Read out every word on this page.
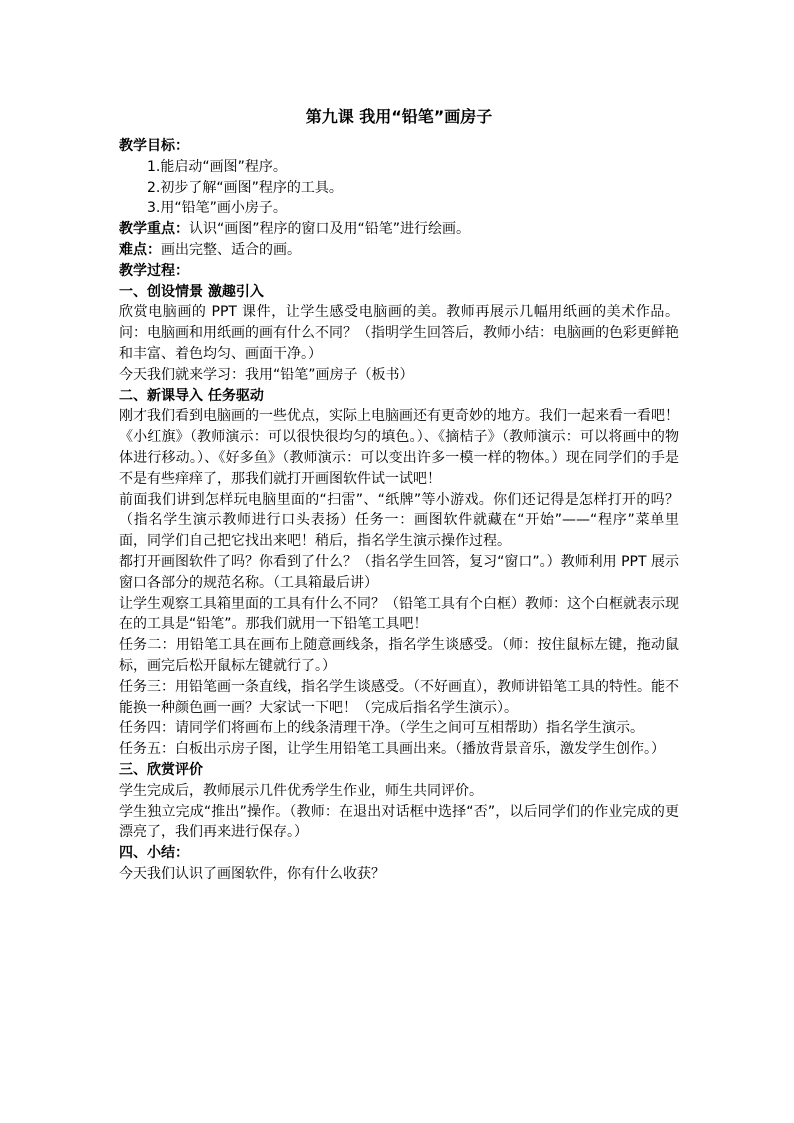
第九课 我用“铅笔”画房子
教学目标：
1.能启动“画图”程序。
2.初步了解“画图”程序的工具。
3.用“铅笔”画小房子。
教学重点：认识“画图”程序的窗口及用“铅笔”进行绘画。
难点：画出完整、适合的画。
教学过程：
一、创设情景 激趣引入
欣赏电脑画的 PPT 课件，让学生感受电脑画的美。教师再展示几幅用纸画的美术作品。问：电脑画和用纸画的画有什么不同？（指明学生回答后，教师小结：电脑画的色彩更鲜艳和丰富、着色均匀、画面干净。）
今天我们就来学习：我用“铅笔”画房子（板书）
二、新课导入 任务驱动
刚才我们看到电脑画的一些优点，实际上电脑画还有更奇妙的地方。我们一起来看一看吧！《小红旗》（教师演示：可以很快很均匀的填色。）、《摘桔子》（教师演示：可以将画中的物体进行移动。）、《好多鱼》（教师演示：可以变出许多一模一样的物体。）现在同学们的手是不是有些痒痒了，那我们就打开画图软件试一试吧！
前面我们讲到怎样玩电脑里面的“扫雷”、“纸牌”等小游戏。你们还记得是怎样打开的吗？（指名学生演示教师进行口头表扬）任务一：画图软件就藏在“开始”——“程序”菜单里面，同学们自己把它找出来吧！稍后，指名学生演示操作过程。
都打开画图软件了吗？你看到了什么？（指名学生回答，复习“窗口”。）教师利用 PPT 展示窗口各部分的规范名称。（工具箱最后讲）
让学生观察工具箱里面的工具有什么不同？（铅笔工具有个白框）教师：这个白框就表示现在的工具是“铅笔”。那我们就用一下铅笔工具吧！
任务二：用铅笔工具在画布上随意画线条，指名学生谈感受。（师：按住鼠标左键，拖动鼠标，画完后松开鼠标左键就行了。）
任务三：用铅笔画一条直线，指名学生谈感受。（不好画直），教师讲铅笔工具的特性。能不能换一种颜色画一画？大家试一下吧！（完成后指名学生演示）。
任务四：请同学们将画布上的线条清理干净。（学生之间可互相帮助）指名学生演示。
任务五：白板出示房子图，让学生用铅笔工具画出来。（播放背景音乐，激发学生创作。）
三、欣赏评价
学生完成后，教师展示几件优秀学生作业，师生共同评价。
学生独立完成“推出”操作。（教师：在退出对话框中选择“否”，以后同学们的作业完成的更漂亮了，我们再来进行保存。）
四、小结：
今天我们认识了画图软件，你有什么收获？
